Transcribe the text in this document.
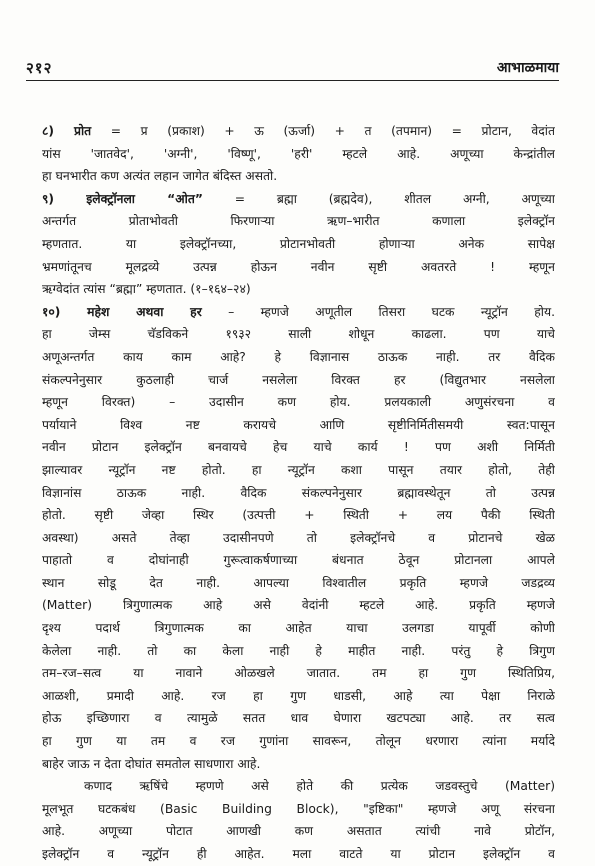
२१२	आभाळमाया
८) प्रोत = प्र (प्रकाश) + ऊ (ऊर्जा) + त (तपमान) = प्रोटान, वेदांत
यांस 'जातवेद', 'अग्नी', 'विष्णू', 'हरी' म्हटले आहे. अणूच्या केन्द्रांतील
हा घनभारीत कण अत्यंत लहान जागेत बंदिस्त असतो.
९) इलेक्ट्रॉनला “ओत” = ब्रह्मा (ब्रह्मदेव), शीतल अग्नी, अणूच्या
अन्तर्गत प्रोताभोवती फिरणाऱ्या ऋण–भारीत कणाला इलेक्ट्रॉन
म्हणतात. या इलेक्ट्रॉनच्या, प्रोटानभोवती होणाऱ्या अनेक सापेक्ष
भ्रमणांतूनच मूलद्रव्ये उत्पन्न होऊन नवीन सृष्टी अवतरते ! म्हणून
ऋग्वेदांत त्यांस “ब्रह्मा” म्हणतात. (१–१६४–२४)
१०) महेश अथवा हर – म्हणजे अणूतील तिसरा घटक न्यूट्रॉन होय.
हा जेम्स चॅडविकने १९३२ साली शोधून काढला. पण याचे
अणूअन्तर्गत काय काम आहे? हे विज्ञानास ठाऊक नाही. तर वैदिक
संकल्पनेनुसार कुठलाही चार्ज नसलेला विरक्त हर (विद्युतभार नसलेला
म्हणून विरक्त) – उदासीन कण होय. प्रलयकाली अणुसंरचना व
पर्यायाने विश्व नष्ट करायचे आणि सृष्टीनिर्मितीसमयी स्वत:पासून
नवीन प्रोटान इलेक्ट्रॉन बनवायचे हेच याचे कार्य ! पण अशी निर्मिती
झाल्यावर न्यूट्रॉन नष्ट होतो. हा न्यूट्रॉन कशा पासून तयार होतो, तेही
विज्ञानांस ठाऊक नाही. वैदिक संकल्पनेनुसार ब्रह्मावस्थेतून तो उत्पन्न
होतो. सृष्टी जेव्हा स्थिर (उत्पत्ती + स्थिती + लय पैकी स्थिती
अवस्था) असते तेव्हा उदासीनपणे तो इलेक्ट्रॉनचे व प्रोटानचे खेळ
पाहातो व दोघांनाही गुरूत्वाकर्षणाच्या बंधनात ठेवून प्रोटानला आपले
स्थान सोडू देत नाही. आपल्या विश्वातील प्रकृति म्हणजे जडद्रव्य
(Matter) त्रिगुणात्मक आहे असे वेदांनी म्हटले आहे. प्रकृति म्हणजे
दृश्य पदार्थ त्रिगुणात्मक का आहेत याचा उलगडा यापूर्वी कोणी
केलेला नाही. तो का केला नाही हे माहीत नाही. परंतु हे त्रिगुण
तम–रज–सत्व या नावाने ओळखले जातात. तम हा गुण स्थितिप्रिय,
आळशी, प्रमादी आहे. रज हा गुण धाडसी, आहे त्या पेक्षा निराळे
होऊ इच्छिणारा व त्यामुळे सतत धाव घेणारा खटपट्या आहे. तर सत्व
हा गुण या तम व रज गुणांना सावरून, तोलून धरणारा त्यांना मर्यादे
बाहेर जाऊ न देता दोघांत समतोल साधणारा आहे.
कणाद ऋषिंचे म्हणणे असे होते की प्रत्येक जडवस्तुचे (Matter)
मूलभूत घटकबंध (Basic Building Block), "इष्टिका" म्हणजे अणू संरचना
आहे. अणूच्या पोटात आणखी कण असतात त्यांची नावे प्रोटॉन,
इलेक्ट्रॉन व न्यूट्रॉन ही आहेत. मला वाटते या प्रोटान इलेक्ट्रॉन व
